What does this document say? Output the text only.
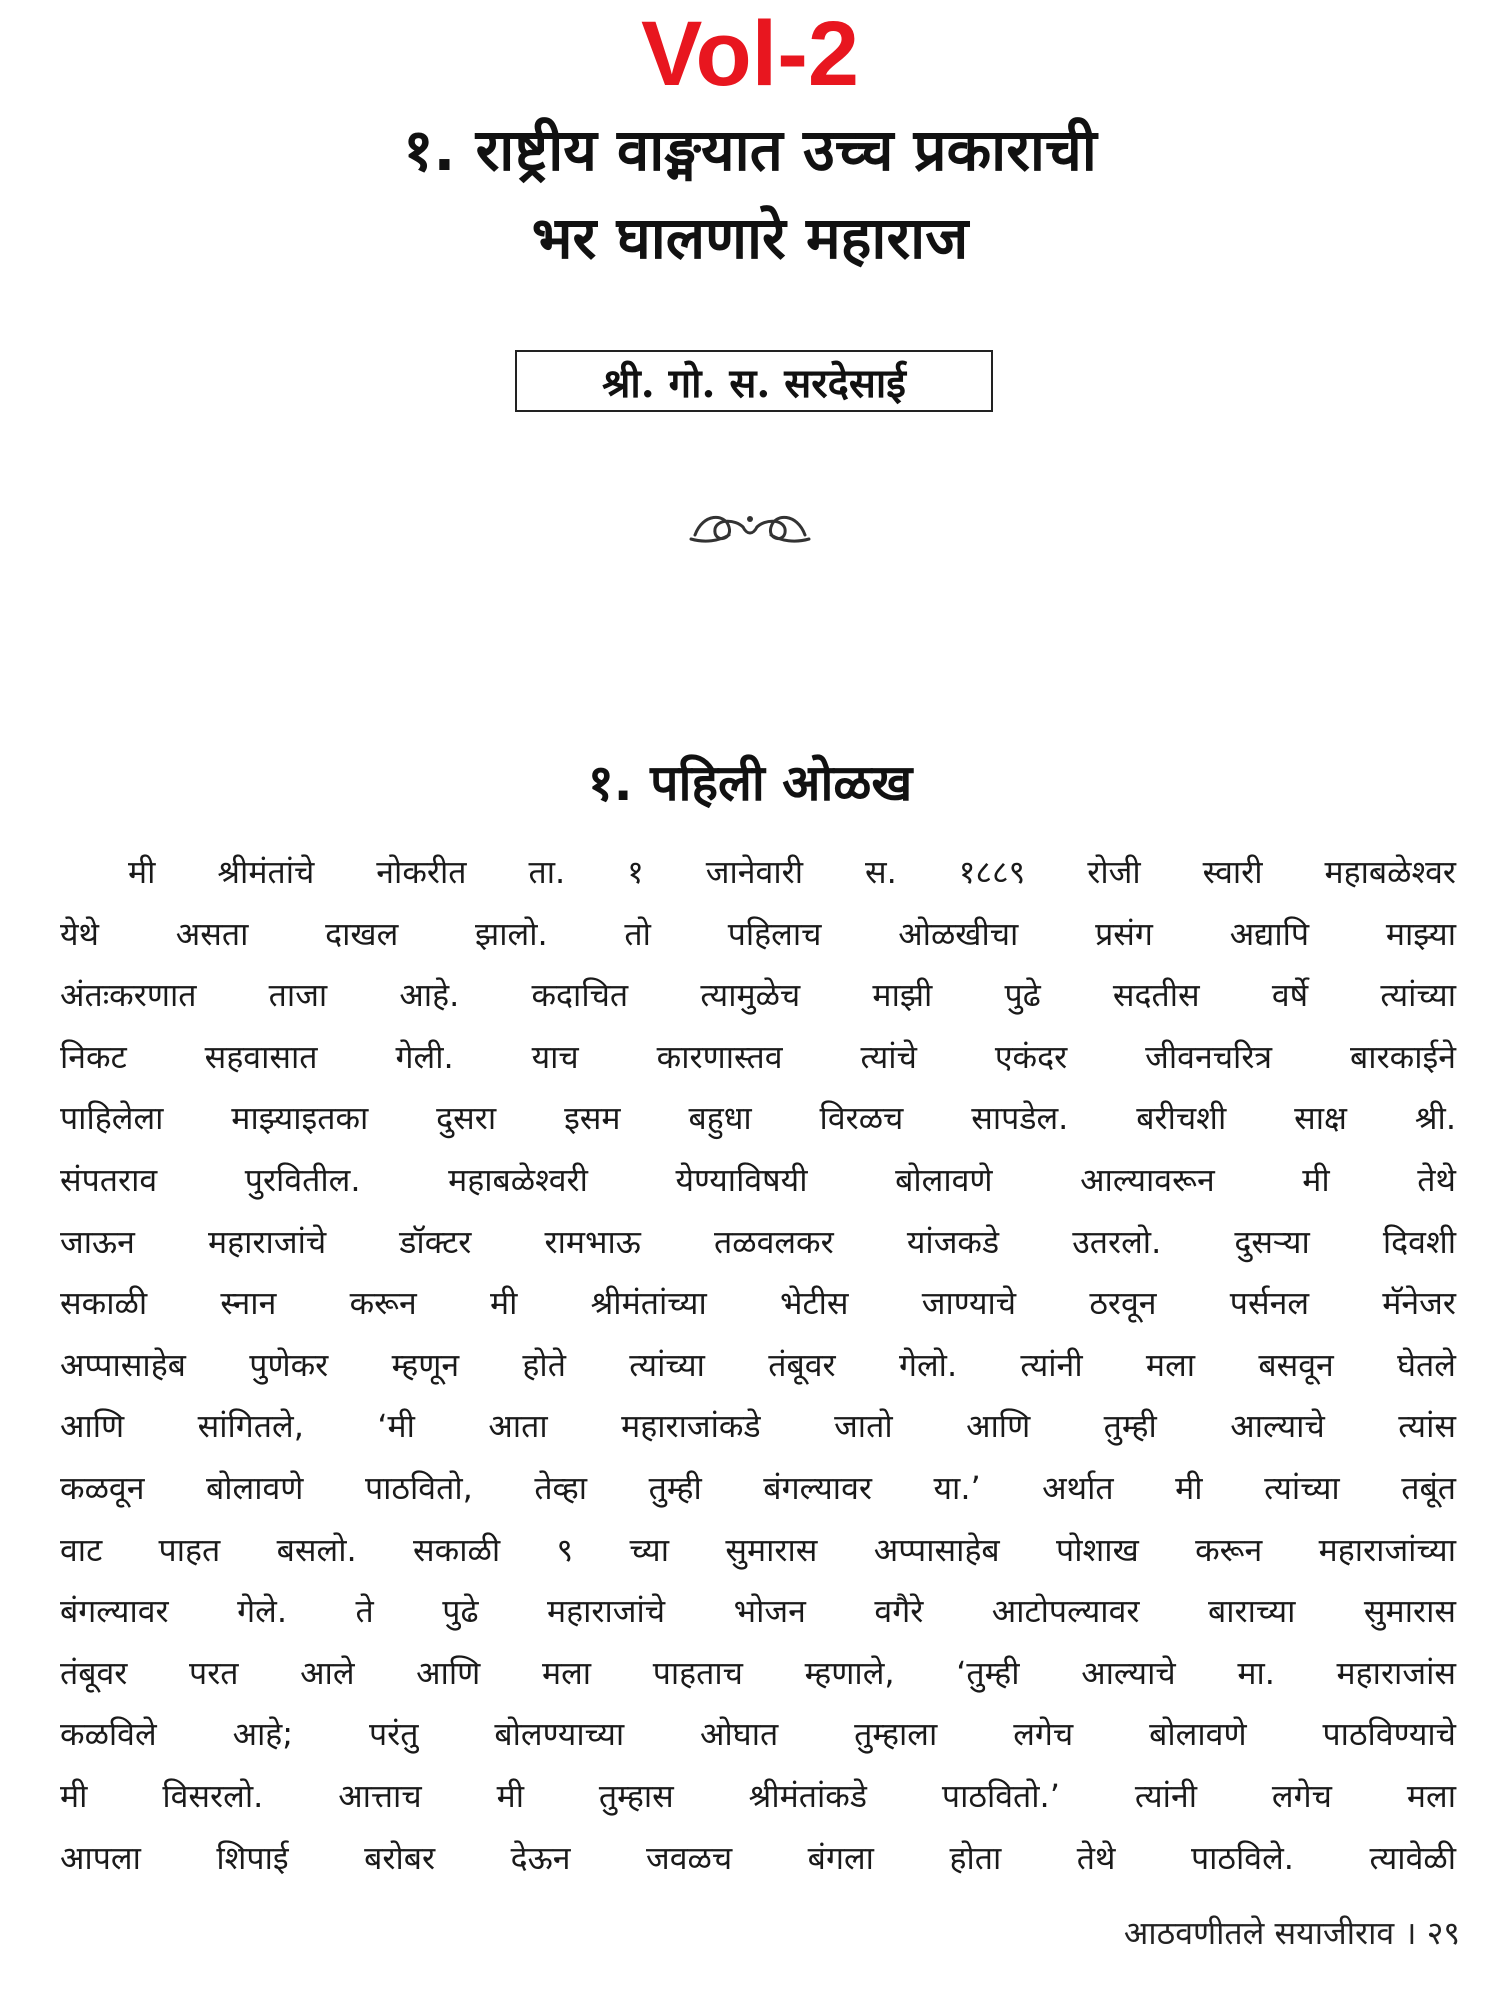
Vol-2
१. राष्ट्रीय वाङ्मयात उच्च प्रकाराची
भर घालणारे महाराज
श्री. गो. स. सरदेसाई
१. पहिली ओळख
मी श्रीमंतांचे नोकरीत ता. १ जानेवारी स. १८८९ रोजी स्वारी महाबळेश्वर
येथे असता दाखल झालो. तो पहिलाच ओळखीचा प्रसंग अद्यापि माझ्या
अंतःकरणात ताजा आहे. कदाचित त्यामुळेच माझी पुढे सदतीस वर्षे त्यांच्या
निकट सहवासात गेली. याच कारणास्तव त्यांचे एकंदर जीवनचरित्र बारकाईने
पाहिलेला माझ्याइतका दुसरा इसम बहुधा विरळच सापडेल. बरीचशी साक्ष श्री.
संपतराव पुरवितील. महाबळेश्वरी येण्याविषयी बोलावणे आल्यावरून मी तेथे
जाऊन महाराजांचे डॉक्टर रामभाऊ तळवलकर यांजकडे उतरलो. दुसऱ्या दिवशी
सकाळी स्नान करून मी श्रीमंतांच्या भेटीस जाण्याचे ठरवून पर्सनल मॅनेजर
अप्पासाहेब पुणेकर म्हणून होते त्यांच्या तंबूवर गेलो. त्यांनी मला बसवून घेतले
आणि सांगितले, ‘मी आता महाराजांकडे जातो आणि तुम्ही आल्याचे त्यांस
कळवून बोलावणे पाठवितो, तेव्हा तुम्ही बंगल्यावर या.’ अर्थात मी त्यांच्या तबूंत
वाट पाहत बसलो. सकाळी ९ च्या सुमारास अप्पासाहेब पोशाख करून महाराजांच्या
बंगल्यावर गेले. ते पुढे महाराजांचे भोजन वगैरे आटोपल्यावर बाराच्या सुमारास
तंबूवर परत आले आणि मला पाहताच म्हणाले, ‘तुम्ही आल्याचे मा. महाराजांस
कळविले आहे; परंतु बोलण्याच्या ओघात तुम्हाला लगेच बोलावणे पाठविण्याचे
मी विसरलो. आत्ताच मी तुम्हास श्रीमंतांकडे पाठवितो.’ त्यांनी लगेच मला
आपला शिपाई बरोबर देऊन जवळच बंगला होता तेथे पाठविले. त्यावेळी
आठवणीतले सयाजीराव । २९
